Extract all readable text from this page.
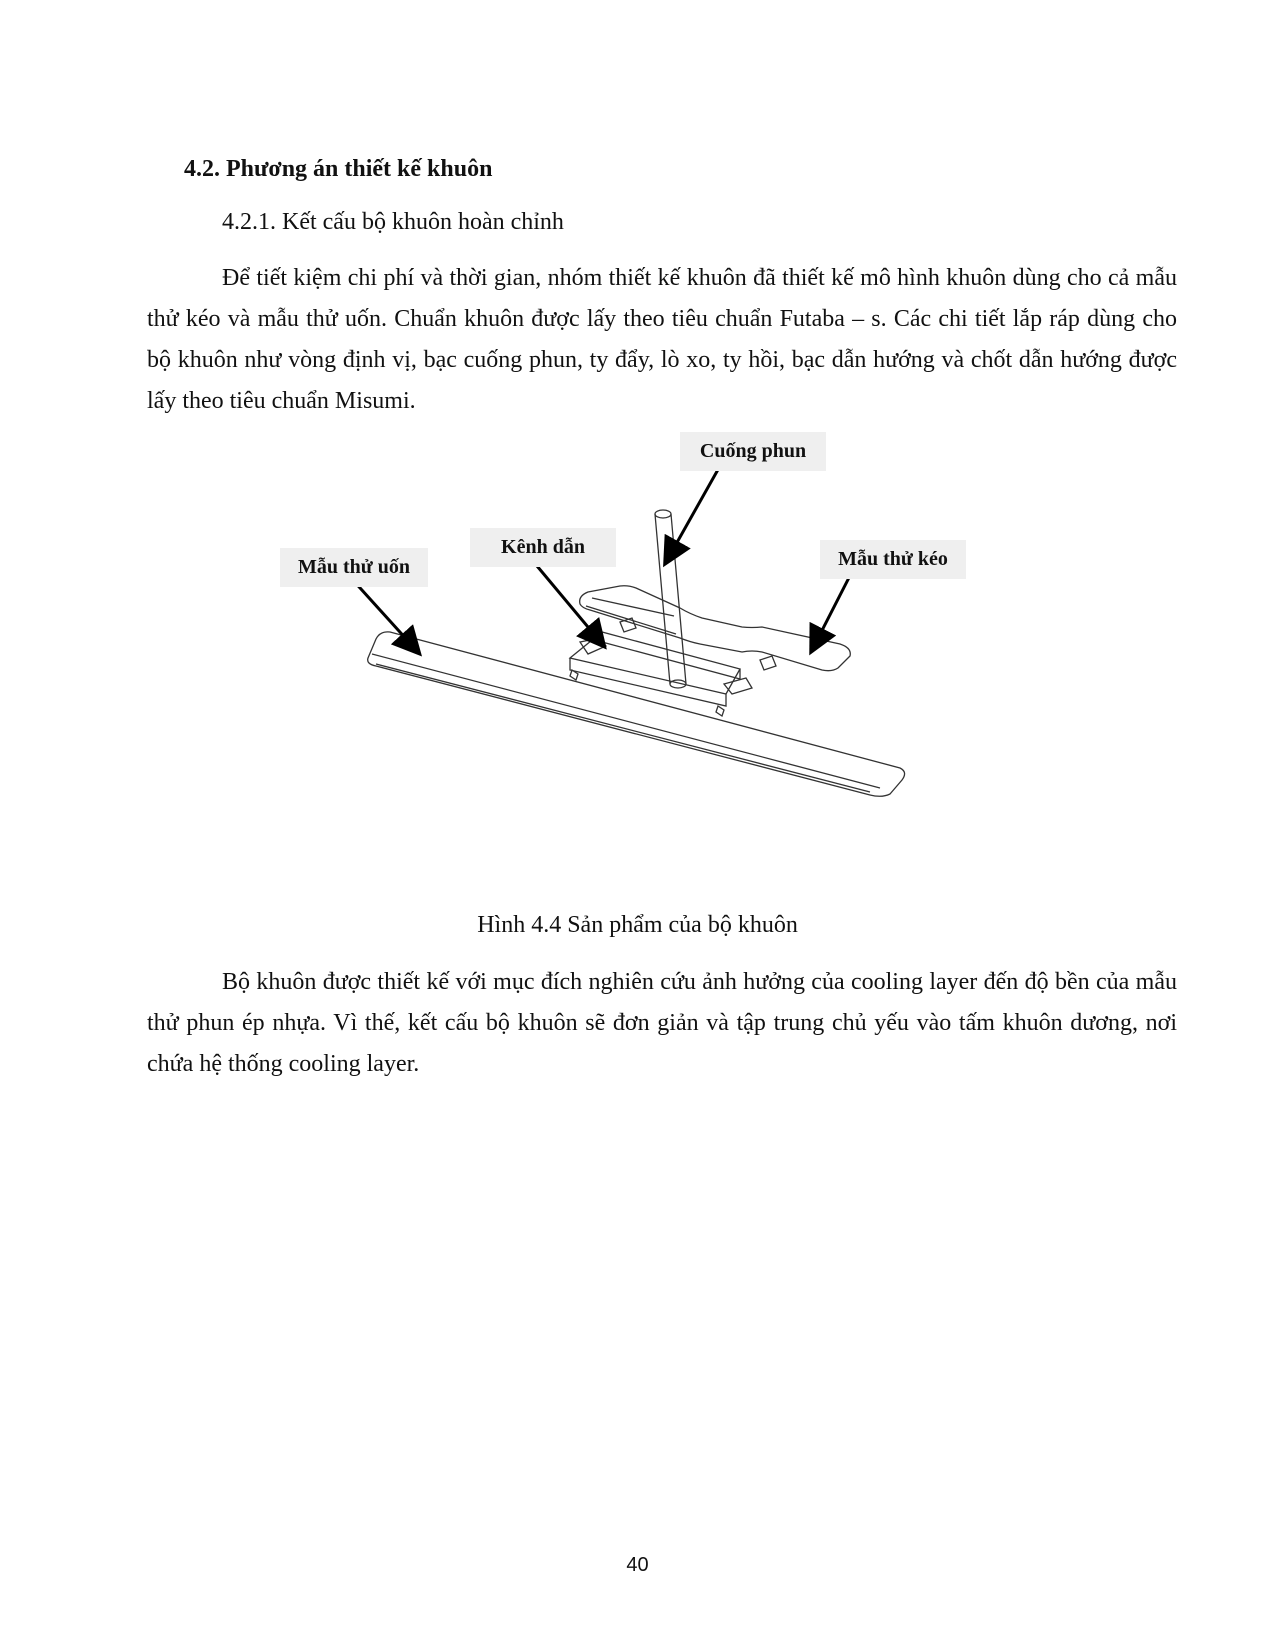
4.2. Phương án thiết kế khuôn
4.2.1. Kết cấu bộ khuôn hoàn chỉnh

Để tiết kiệm chi phí và thời gian, nhóm thiết kế khuôn đã thiết kế mô hình khuôn dùng cho cả mẫu thử kéo và mẫu thử uốn. Chuẩn khuôn được lấy theo tiêu chuẩn Futaba – s. Các chi tiết lắp ráp dùng cho bộ khuôn như vòng định vị, bạc cuống phun, ty đẩy, lò xo, ty hồi, bạc dẫn hướng và chốt dẫn hướng được lấy theo tiêu chuẩn Misumi.

Cuống phun
Kênh dẫn
Mẫu thử uốn	Mẫu thử kéo
Hình 4.4 Sản phẩm của bộ khuôn

Bộ khuôn được thiết kế với mục đích nghiên cứu ảnh hưởng của cooling layer đến độ bền của mẫu thử phun ép nhựa. Vì thế, kết cấu bộ khuôn sẽ đơn giản và tập trung chủ yếu vào tấm khuôn dương, nơi chứa hệ thống cooling layer.

40
